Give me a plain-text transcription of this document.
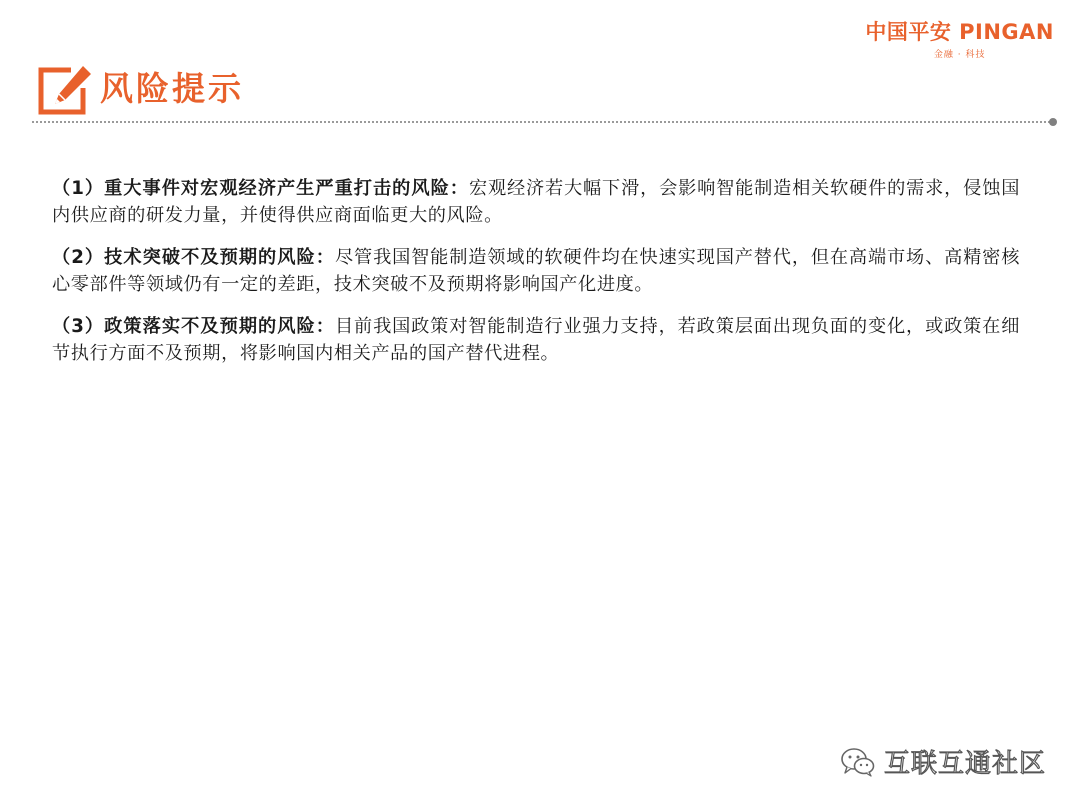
中国平安 PINGAN
金融 · 科技
风险提示

（1）重大事件对宏观经济产生严重打击的风险：宏观经济若大幅下滑，会影响智能制造相关软硬件的需求，侵蚀国内供应商的研发力量，并使得供应商面临更大的风险。

（2）技术突破不及预期的风险：尽管我国智能制造领域的软硬件均在快速实现国产替代，但在高端市场、高精密核心零部件等领域仍有一定的差距，技术突破不及预期将影响国产化进度。

（3）政策落实不及预期的风险：目前我国政策对智能制造行业强力支持，若政策层面出现负面的变化，或政策在细节执行方面不及预期，将影响国内相关产品的国产替代进程。

互联互通社区
